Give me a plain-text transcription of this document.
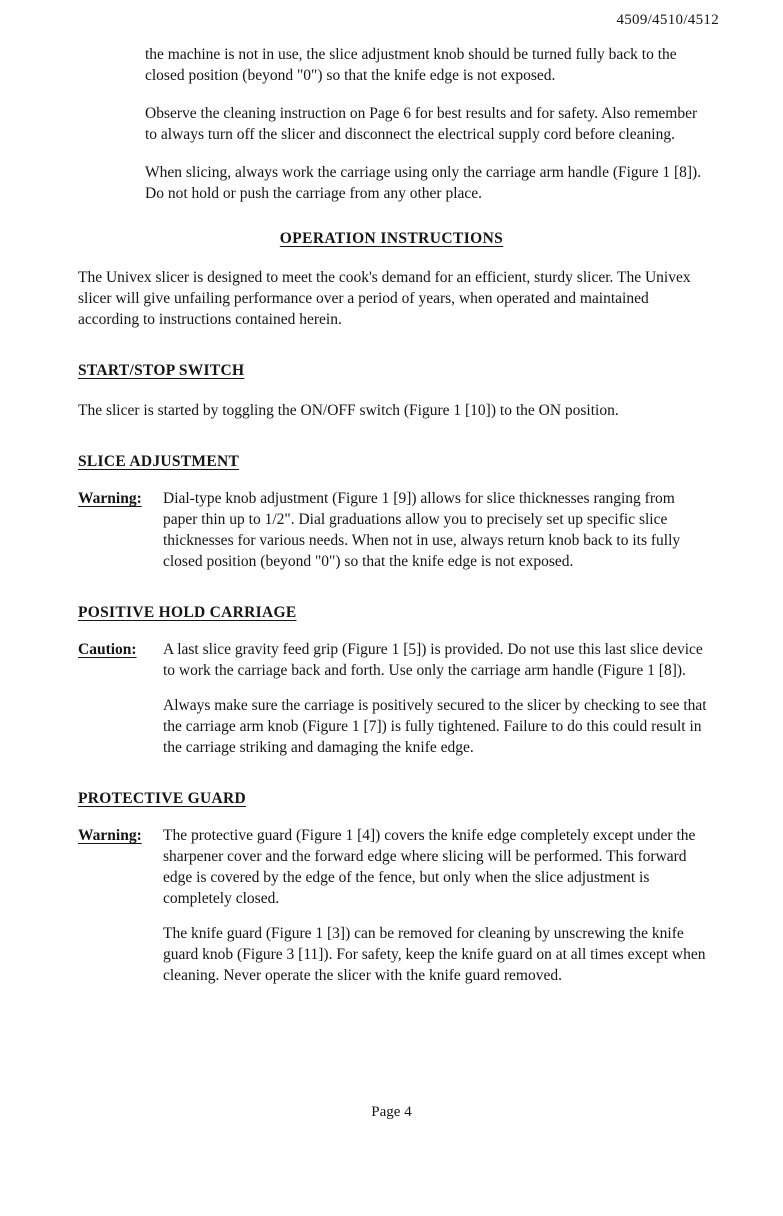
4509/4510/4512

the machine is not in use, the slice adjustment knob should be turned fully back to the closed position (beyond "0") so that the knife edge is not exposed.

Observe the cleaning instruction on Page 6 for best results and for safety. Also remember to always turn off the slicer and disconnect the electrical supply cord before cleaning.

When slicing, always work the carriage using only the carriage arm handle (Figure 1 [8]). Do not hold or push the carriage from any other place.

OPERATION INSTRUCTIONS

The Univex slicer is designed to meet the cook's demand for an efficient, sturdy slicer. The Univex slicer will give unfailing performance over a period of years, when operated and maintained according to instructions contained herein.

START/STOP SWITCH

The slicer is started by toggling the ON/OFF switch (Figure 1 [10]) to the ON position.

SLICE ADJUSTMENT
Warning:	Dial-type knob adjustment (Figure 1 [9]) allows for slice thicknesses ranging from paper thin up to 1/2". Dial graduations allow you to precisely set up specific slice thicknesses for various needs. When not in use, always return knob back to its fully closed position (beyond "0") so that the knife edge is not exposed.

POSITIVE HOLD CARRIAGE
Caution:	A last slice gravity feed grip (Figure 1 [5]) is provided. Do not use this last slice device to work the carriage back and forth. Use only the carriage arm handle (Figure 1 [8]).

Always make sure the carriage is positively secured to the slicer by checking to see that the carriage arm knob (Figure 1 [7]) is fully tightened. Failure to do this could result in the carriage striking and damaging the knife edge.

PROTECTIVE GUARD
Warning:	The protective guard (Figure 1 [4]) covers the knife edge completely except under the sharpener cover and the forward edge where slicing will be performed. This forward edge is covered by the edge of the fence, but only when the slice adjustment is completely closed.

The knife guard (Figure 1 [3]) can be removed for cleaning by unscrewing the knife guard knob (Figure 3 [11]). For safety, keep the knife guard on at all times except when cleaning. Never operate the slicer with the knife guard removed.

Page 4
